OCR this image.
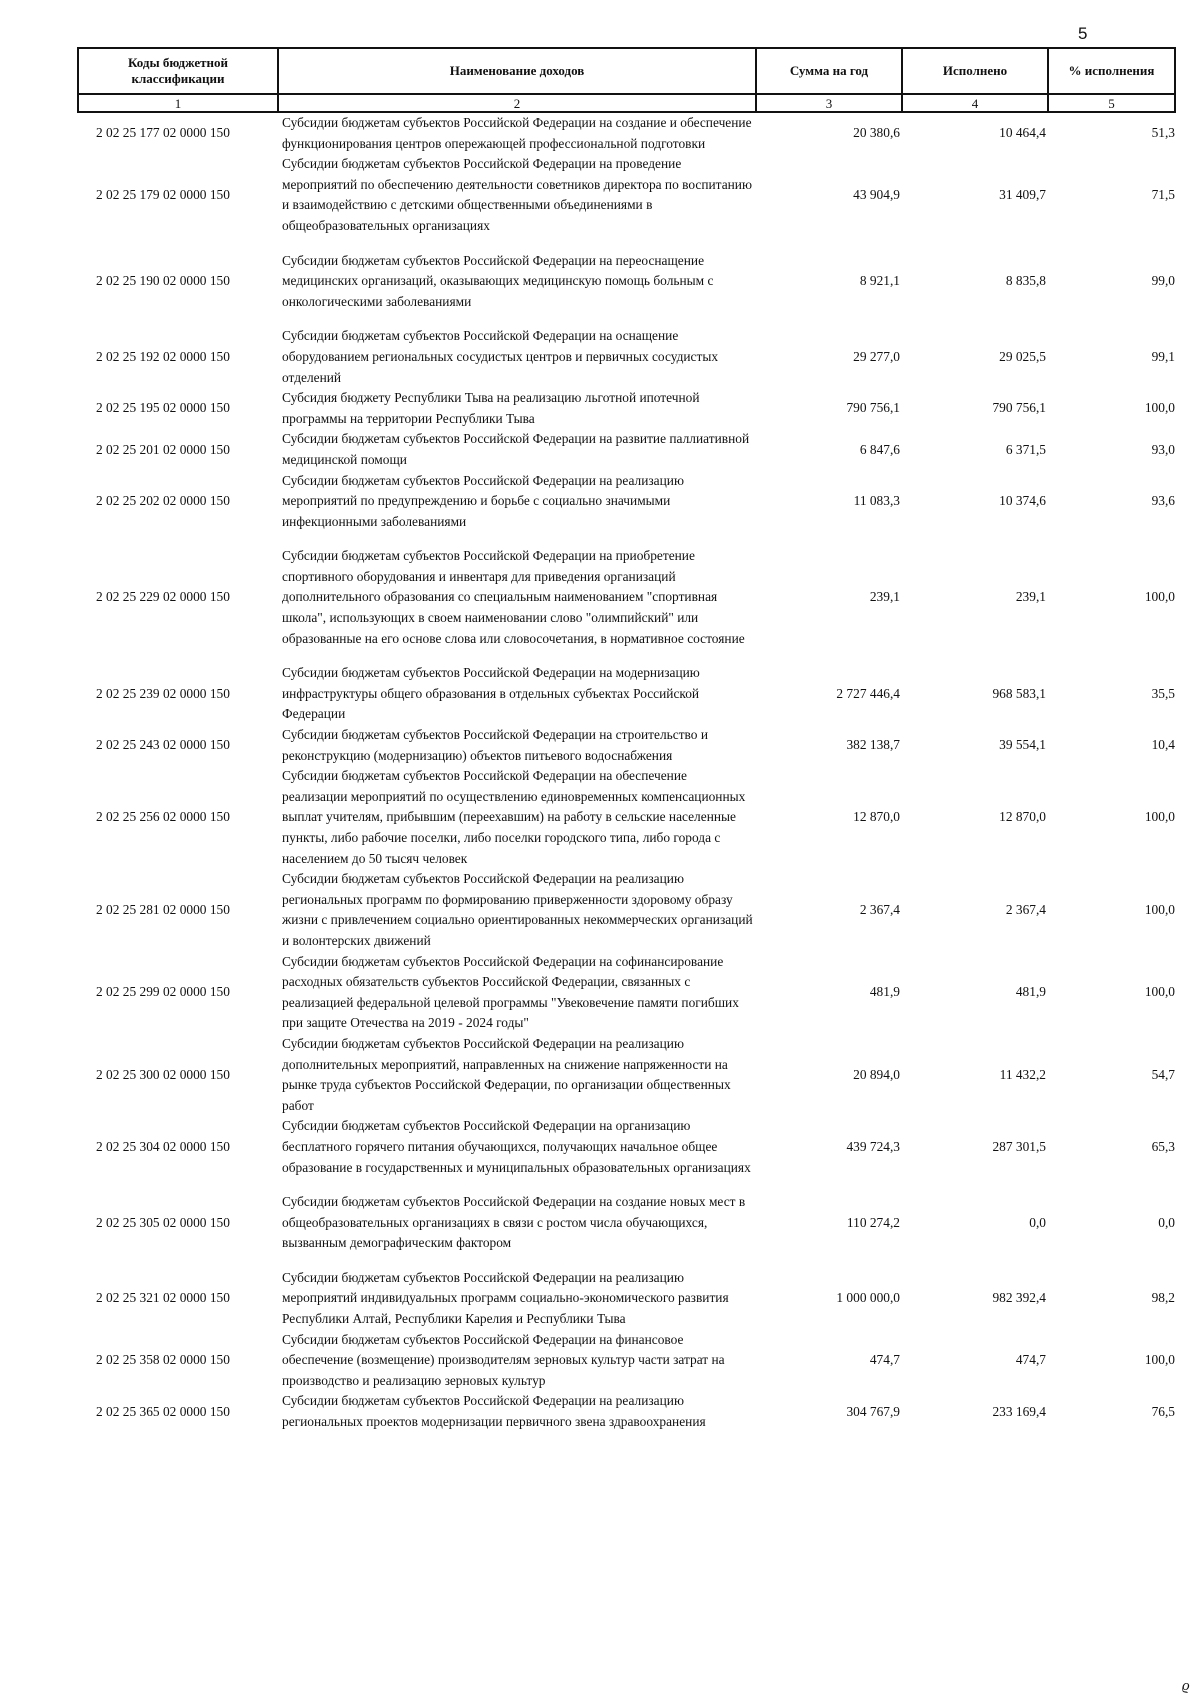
5
Коды бюджетной классификации	Наименование доходов	Сумма на год	Исполнено	% исполнения
1	2	3	4	5
2 02 25 177 02 0000 150	Субсидии бюджетам субъектов Российской Федерации на создание и обеспечение функционирования центров опережающей профессиональной подготовки	20 380,6	10 464,4	51,3
2 02 25 179 02 0000 150	Субсидии бюджетам субъектов Российской Федерации на проведение мероприятий по обеспечению деятельности советников директора по воспитанию и взаимодействию с детскими общественными объединениями в общеобразовательных организациях	43 904,9	31 409,7	71,5
2 02 25 190 02 0000 150	Субсидии бюджетам субъектов Российской Федерации на переоснащение медицинских организаций, оказывающих медицинскую помощь больным с онкологическими заболеваниями	8 921,1	8 835,8	99,0
2 02 25 192 02 0000 150	Субсидии бюджетам субъектов Российской Федерации на оснащение оборудованием региональных сосудистых центров и первичных сосудистых отделений	29 277,0	29 025,5	99,1
2 02 25 195 02 0000 150	Субсидия бюджету Республики Тыва на реализацию льготной ипотечной программы на территории Республики Тыва	790 756,1	790 756,1	100,0
2 02 25 201 02 0000 150	Субсидии бюджетам субъектов Российской Федерации на развитие паллиативной медицинской помощи	6 847,6	6 371,5	93,0
2 02 25 202 02 0000 150	Субсидии бюджетам субъектов Российской Федерации на реализацию мероприятий по предупреждению и борьбе с социально значимыми инфекционными заболеваниями	11 083,3	10 374,6	93,6
2 02 25 229 02 0000 150	Субсидии бюджетам субъектов Российской Федерации на приобретение спортивного оборудования и инвентаря для приведения организаций дополнительного образования со специальным наименованием "спортивная школа", использующих в своем наименовании слово "олимпийский" или образованные на его основе слова или словосочетания, в нормативное состояние	239,1	239,1	100,0
2 02 25 239 02 0000 150	Субсидии бюджетам субъектов Российской Федерации на модернизацию инфраструктуры общего образования в отдельных субъектах Российской Федерации	2 727 446,4	968 583,1	35,5
2 02 25 243 02 0000 150	Субсидии бюджетам субъектов Российской Федерации на строительство и реконструкцию (модернизацию) объектов питьевого водоснабжения	382 138,7	39 554,1	10,4
2 02 25 256 02 0000 150	Субсидии бюджетам субъектов Российской Федерации на обеспечение реализации мероприятий по осуществлению единовременных компенсационных выплат учителям, прибывшим (переехавшим) на работу в сельские населенные пункты, либо рабочие поселки, либо поселки городского типа, либо города с населением до 50 тысяч человек	12 870,0	12 870,0	100,0
2 02 25 281 02 0000 150	Субсидии бюджетам субъектов Российской Федерации на реализацию региональных программ по формированию приверженности здоровому образу жизни с привлечением социально ориентированных некоммерческих организаций и волонтерских движений	2 367,4	2 367,4	100,0
2 02 25 299 02 0000 150	Субсидии бюджетам субъектов Российской Федерации на софинансирование расходных обязательств субъектов Российской Федерации, связанных с реализацией федеральной целевой программы "Увековечение памяти погибших при защите Отечества на 2019 - 2024 годы"	481,9	481,9	100,0
2 02 25 300 02 0000 150	Субсидии бюджетам субъектов Российской Федерации на реализацию дополнительных мероприятий, направленных на снижение напряженности на рынке труда субъектов Российской Федерации, по организации общественных работ	20 894,0	11 432,2	54,7
2 02 25 304 02 0000 150	Субсидии бюджетам субъектов Российской Федерации на организацию бесплатного горячего питания обучающихся, получающих начальное общее образование в государственных и муниципальных образовательных организациях	439 724,3	287 301,5	65,3
2 02 25 305 02 0000 150	Субсидии бюджетам субъектов Российской Федерации на создание новых мест в общеобразовательных организациях в связи с ростом числа обучающихся, вызванным демографическим фактором	110 274,2	0,0	0,0
2 02 25 321 02 0000 150	Субсидии бюджетам субъектов Российской Федерации на реализацию мероприятий индивидуальных программ социально-экономического развития Республики Алтай, Республики Карелия и Республики Тыва	1 000 000,0	982 392,4	98,2
2 02 25 358 02 0000 150	Субсидии бюджетам субъектов Российской Федерации на финансовое обеспечение (возмещение) производителям зерновых культур части затрат на производство и реализацию зерновых культур	474,7	474,7	100,0
2 02 25 365 02 0000 150	Субсидии бюджетам субъектов Российской Федерации на реализацию региональных проектов модернизации первичного звена здравоохранения	304 767,9	233 169,4	76,5
ϱ
